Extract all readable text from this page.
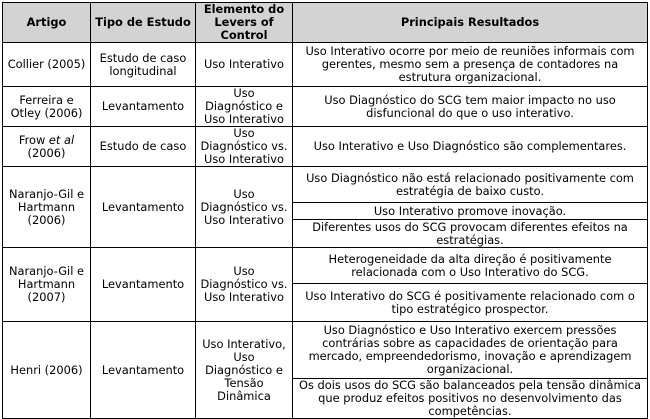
Artigo	Tipo de Estudo	Elemento do Levers of Control	Principais Resultados
Collier (2005)	Estudo de caso longitudinal	Uso Interativo	Uso Interativo ocorre por meio de reuniões informais com gerentes, mesmo sem a presença de contadores na estrutura organizacional.
Ferreira e Otley (2006)	Levantamento	Uso Diagnóstico e Uso Interativo	Uso Diagnóstico do SCG tem maior impacto no uso disfuncional do que o uso interativo.
Frow et al (2006)	Estudo de caso	Uso Diagnóstico vs. Uso Interativo	Uso Interativo e Uso Diagnóstico são complementares.
Naranjo-Gil e Hartmann (2006)	Levantamento	Uso Diagnóstico vs. Uso Interativo	Uso Diagnóstico não está relacionado positivamente com estratégia de baixo custo.
			Uso Interativo promove inovação.
			Diferentes usos do SCG provocam diferentes efeitos na estratégias.
Naranjo-Gil e Hartmann (2007)	Levantamento	Uso Diagnóstico vs. Uso Interativo	Heterogeneidade da alta direção é positivamente relacionada com o Uso Interativo do SCG.
			Uso Interativo do SCG é positivamente relacionado com o tipo estratégico prospector.
Henri (2006)	Levantamento	Uso Interativo, Uso Diagnóstico e Tensão Dinâmica	Uso Diagnóstico e Uso Interativo exercem pressões contrárias sobre as capacidades de orientação para mercado, empreendedorismo, inovação e aprendizagem organizacional.
			Os dois usos do SCG são balanceados pela tensão dinâmica que produz efeitos positivos no desenvolvimento das competências.
